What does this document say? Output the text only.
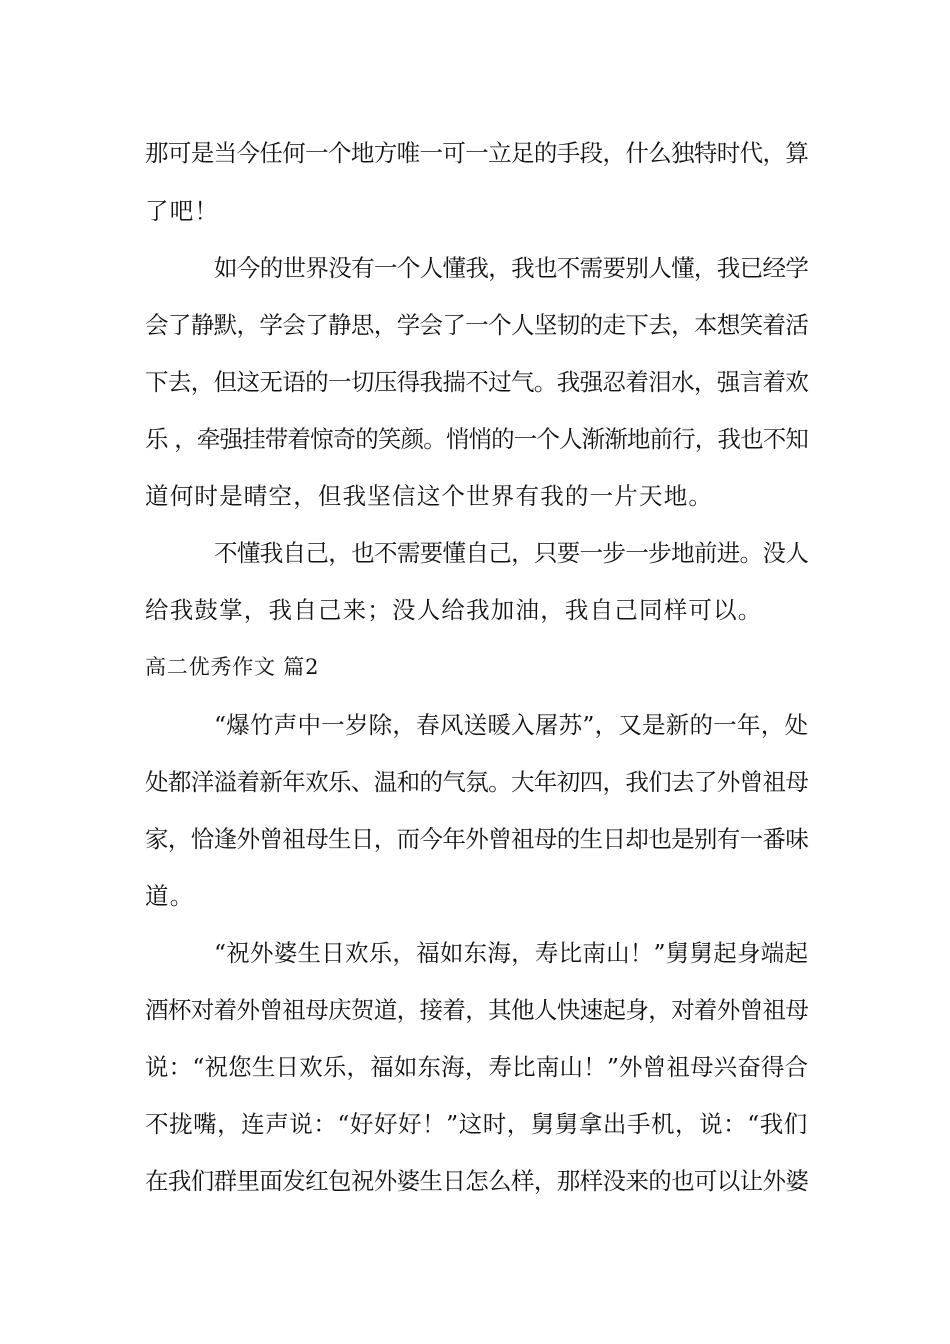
那可是当今任何一个地方唯一可一立足的手段，什么独特时代，算
了吧！
如今的世界没有一个人懂我，我也不需要别人懂，我已经学
会了静默，学会了静思，学会了一个人坚韧的走下去，本想笑着活
下去，但这无语的一切压得我揣不过气。我强忍着泪水，强言着欢
乐 ，牵强挂带着惊奇的笑颜。悄悄的一个人渐渐地前行，我也不知
道何时是晴空，但我坚信这个世界有我的一片天地。
不懂我自己，也不需要懂自己，只要一步一步地前进。没人
给我鼓掌，我自己来；没人给我加油，我自己同样可以。
高二优秀作文 篇2
“爆竹声中一岁除，春风送暖入屠苏”，又是新的一年，处
处都洋溢着新年欢乐、温和的气氛。大年初四，我们去了外曾祖母
家，恰逢外曾祖母生日，而今年外曾祖母的生日却也是别有一番味
道。
“祝外婆生日欢乐，福如东海，寿比南山！”舅舅起身端起
酒杯对着外曾祖母庆贺道，接着，其他人快速起身，对着外曾祖母
说：“祝您生日欢乐，福如东海，寿比南山！”外曾祖母兴奋得合
不拢嘴，连声说：“好好好！”这时，舅舅拿出手机，说：“我们
在我们群里面发红包祝外婆生日怎么样，那样没来的也可以让外婆
